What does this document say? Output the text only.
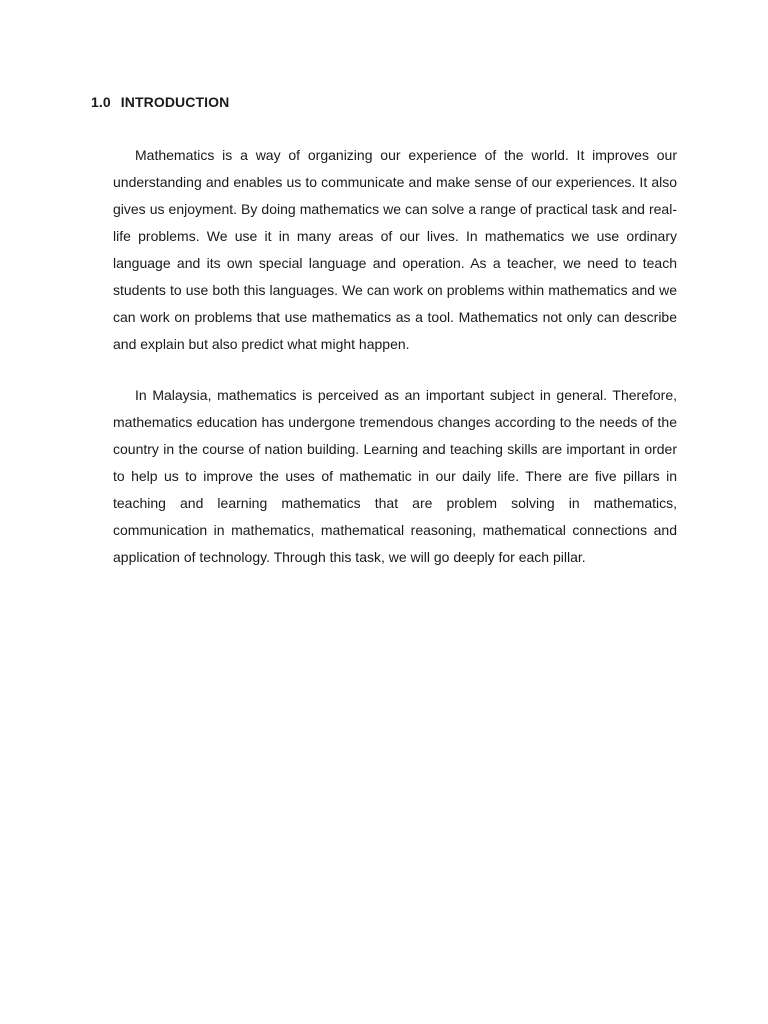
1.0 INTRODUCTION

Mathematics is a way of organizing our experience of the world. It improves our understanding and enables us to communicate and make sense of our experiences. It also gives us enjoyment. By doing mathematics we can solve a range of practical task and real-life problems. We use it in many areas of our lives. In mathematics we use ordinary language and its own special language and operation. As a teacher, we need to teach students to use both this languages. We can work on problems within mathematics and we can work on problems that use mathematics as a tool. Mathematics not only can describe and explain but also predict what might happen.

In Malaysia, mathematics is perceived as an important subject in general. Therefore, mathematics education has undergone tremendous changes according to the needs of the country in the course of nation building. Learning and teaching skills are important in order to help us to improve the uses of mathematic in our daily life. There are five pillars in teaching and learning mathematics that are problem solving in mathematics, communication in mathematics, mathematical reasoning, mathematical connections and application of technology. Through this task, we will go deeply for each pillar.
